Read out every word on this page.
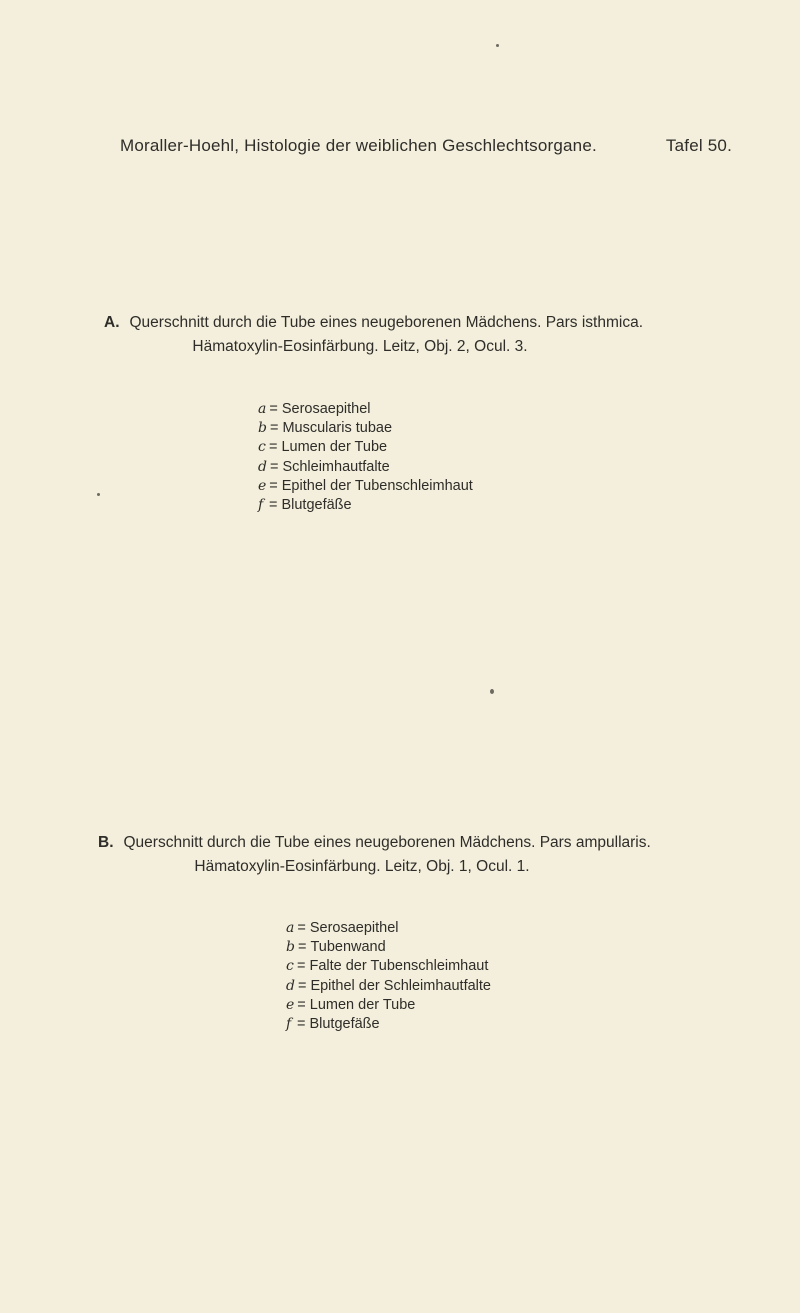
Moraller-Hoehl, Histologie der weiblichen Geschlechtsorgane.	Tafel 50.
A. Querschnitt durch die Tube eines neugeborenen Mädchens. Pars isthmica.
Hämatoxylin-Eosinfärbung. Leitz, Obj. 2, Ocul. 3.
a = Serosaepithel
b = Muscularis tubae
c = Lumen der Tube
d = Schleimhautfalte
e = Epithel der Tubenschleimhaut
f = Blutgefäße
B. Querschnitt durch die Tube eines neugeborenen Mädchens. Pars ampullaris.
Hämatoxylin-Eosinfärbung. Leitz, Obj. 1, Ocul. 1.
a = Serosaepithel
b = Tubenwand
c = Falte der Tubenschleimhaut
d = Epithel der Schleimhautfalte
e = Lumen der Tube
f = Blutgefäße
